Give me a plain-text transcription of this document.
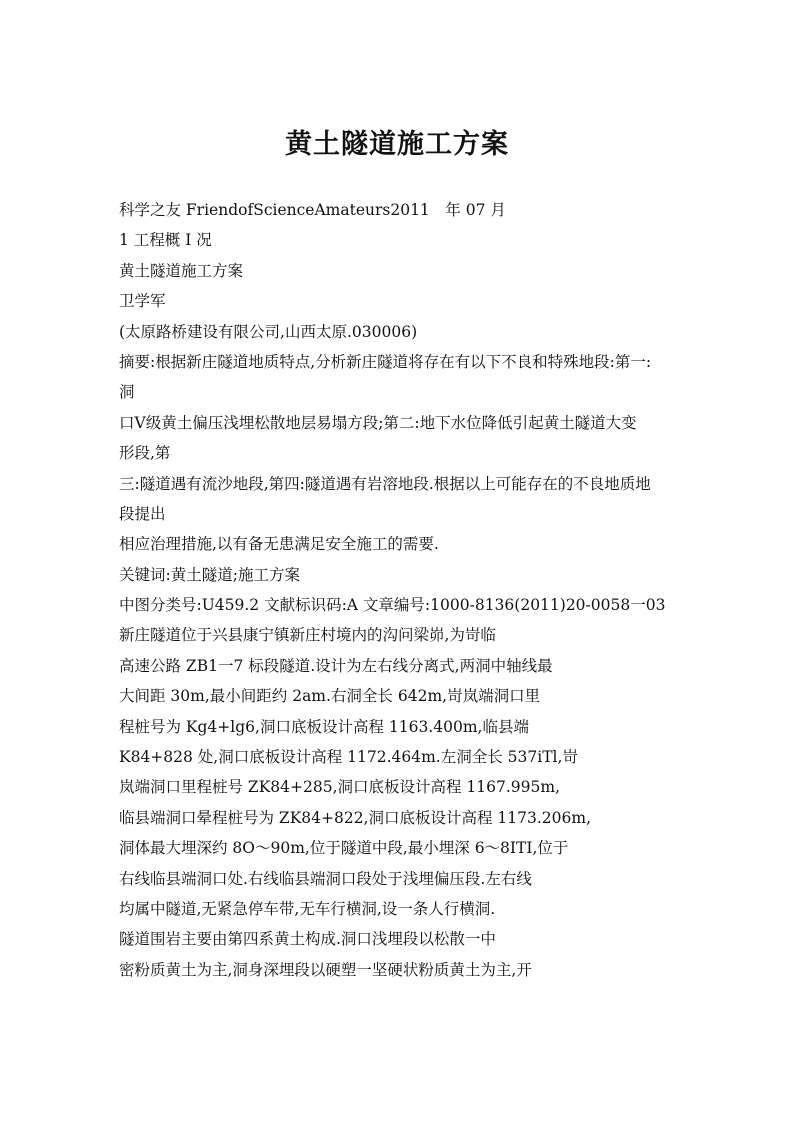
黄土隧道施工方案
科学之友 FriendofScienceAmateurs2011　年 07 月
1 工程概 I 况
黄土隧道施工方案
卫学军
(太原路桥建设有限公司,山西太原.030006)
摘要:根据新庄隧道地质特点,分析新庄隧道将存在有以下不良和特殊地段:第一:
洞
口Ⅴ级黄土偏压浅埋松散地层易塌方段;第二:地下水位降低引起黄土隧道大变
形段,第
三:隧道遇有流沙地段,第四:隧道遇有岩溶地段.根据以上可能存在的不良地质地
段提出
相应治理措施,以有备无患满足安全施工的需要.
关键词:黄土隧道;施工方案
中图分类号:U459.2 文献标识码:A 文章编号:1000-8136(2011)20-0058一03
新庄隧道位于兴县康宁镇新庄村境内的沟问梁峁,为岢临
高速公路 ZB1一7 标段隧道.设计为左右线分离式,两洞中轴线最
大间距 30m,最小间距约 2am.右洞全长 642m,岢岚端洞口里
程桩号为 Kg4+lg6,洞口底板设计高程 1163.400m,临县端
K84+828 处,洞口底板设计高程 1172.464m.左洞全长 537iTl,岢
岚端洞口里程桩号 ZK84+285,洞口底板设计高程 1167.995m,
临县端洞口晕程桩号为 ZK84+822,洞口底板设计高程 1173.206m,
洞体最大埋深约 8O～90m,位于隧道中段,最小埋深 6～8ITI,位于
右线临县端洞口处.右线临县端洞口段处于浅埋偏压段.左右线
均属中隧道,无紧急停车带,无车行横洞,设一条人行横洞.
隧道围岩主要由第四系黄土构成.洞口浅埋段以松散一中
密粉质黄土为主,洞身深埋段以硬塑一坚硬状粉质黄土为主,开
